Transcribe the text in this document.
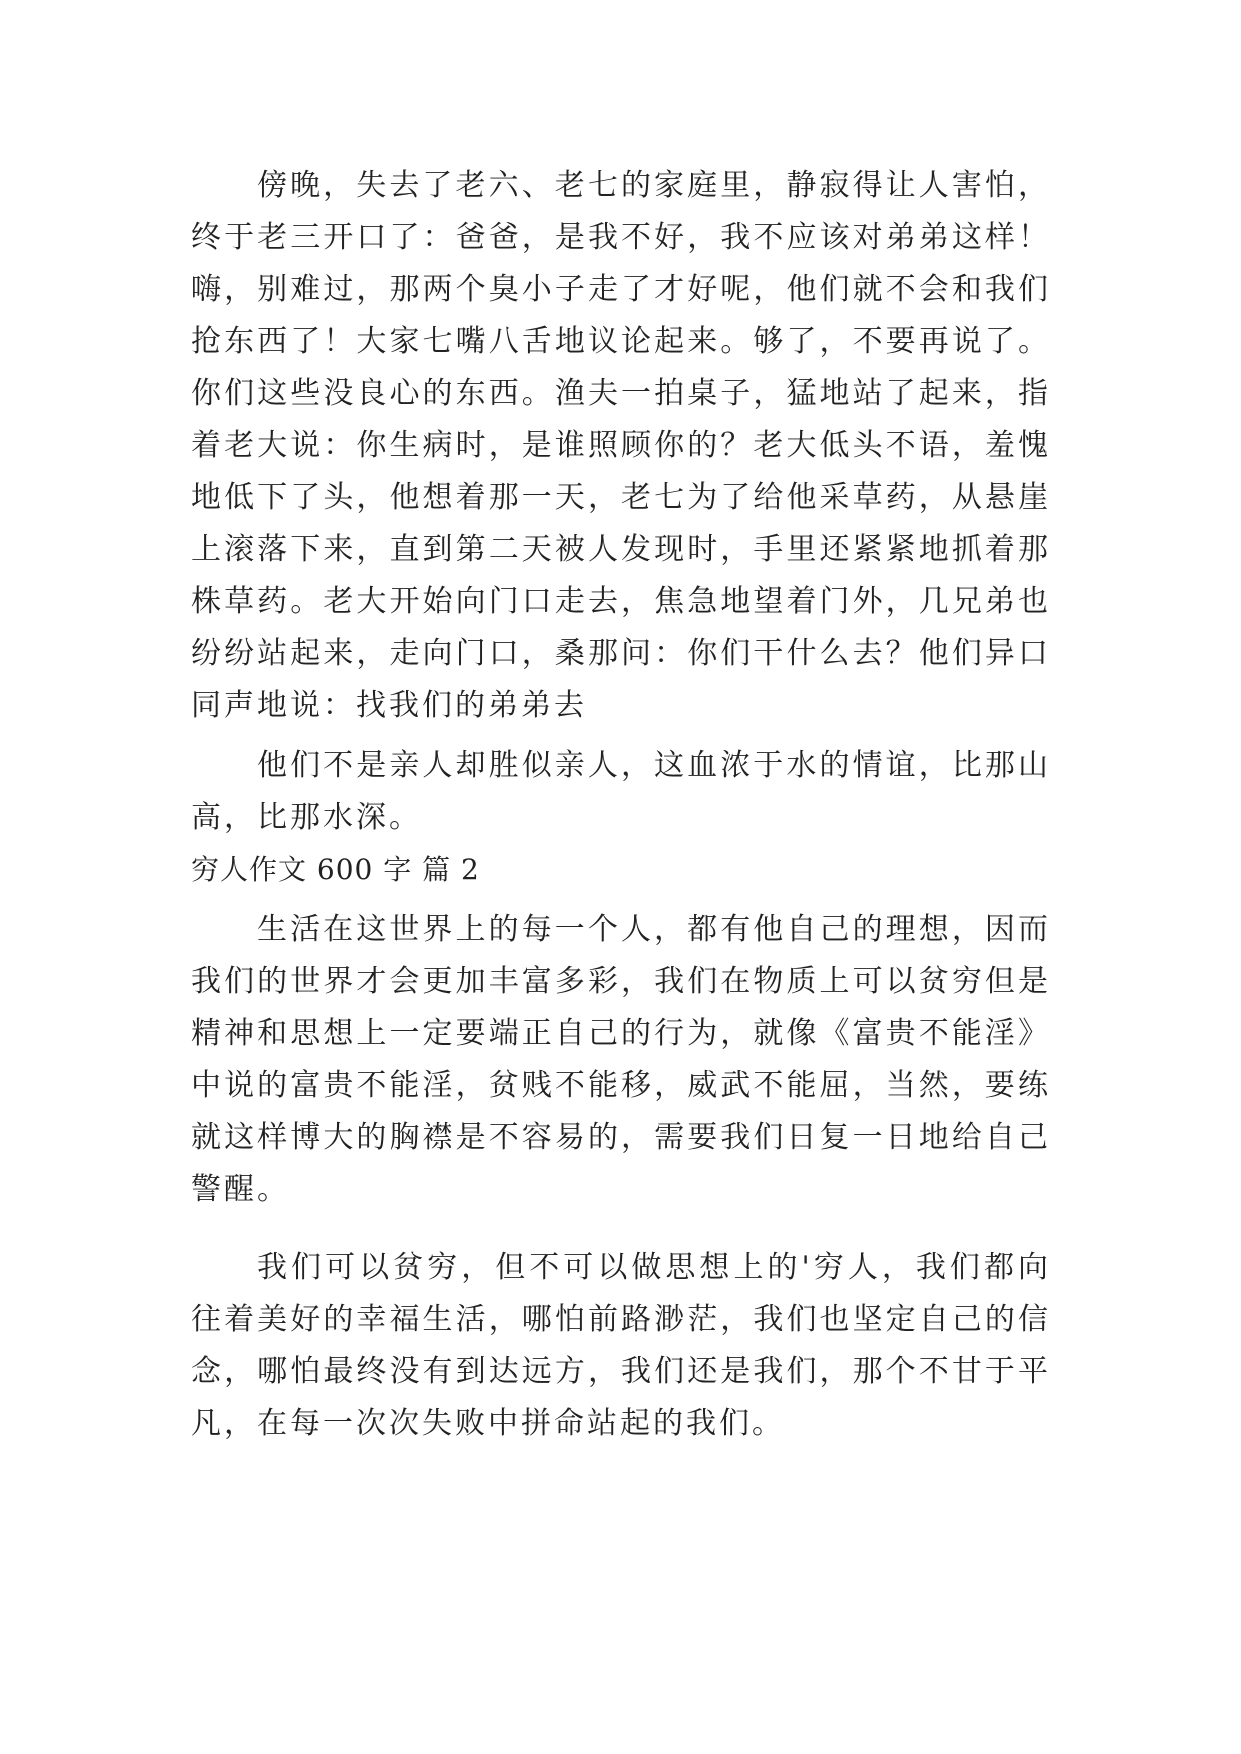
傍晚，失去了老六、老七的家庭里，静寂得让人害怕，终于老三开口了：爸爸，是我不好，我不应该对弟弟这样！嗨，别难过，那两个臭小子走了才好呢，他们就不会和我们抢东西了！大家七嘴八舌地议论起来。够了，不要再说了。你们这些没良心的东西。渔夫一拍桌子，猛地站了起来，指着老大说：你生病时，是谁照顾你的？老大低头不语，羞愧地低下了头，他想着那一天，老七为了给他采草药，从悬崖上滚落下来，直到第二天被人发现时，手里还紧紧地抓着那株草药。老大开始向门口走去，焦急地望着门外，几兄弟也纷纷站起来，走向门口，桑那问：你们干什么去？他们异口同声地说：找我们的弟弟去

他们不是亲人却胜似亲人，这血浓于水的情谊，比那山高，比那水深。

穷人作文 600 字 篇 2

生活在这世界上的每一个人，都有他自己的理想，因而我们的世界才会更加丰富多彩，我们在物质上可以贫穷但是精神和思想上一定要端正自己的行为，就像《富贵不能淫》中说的富贵不能淫，贫贱不能移，威武不能屈，当然，要练就这样博大的胸襟是不容易的，需要我们日复一日地给自己警醒。

我们可以贫穷，但不可以做思想上的'穷人，我们都向往着美好的幸福生活，哪怕前路渺茫，我们也坚定自己的信念，哪怕最终没有到达远方，我们还是我们，那个不甘于平凡，在每一次次失败中拼命站起的我们。
